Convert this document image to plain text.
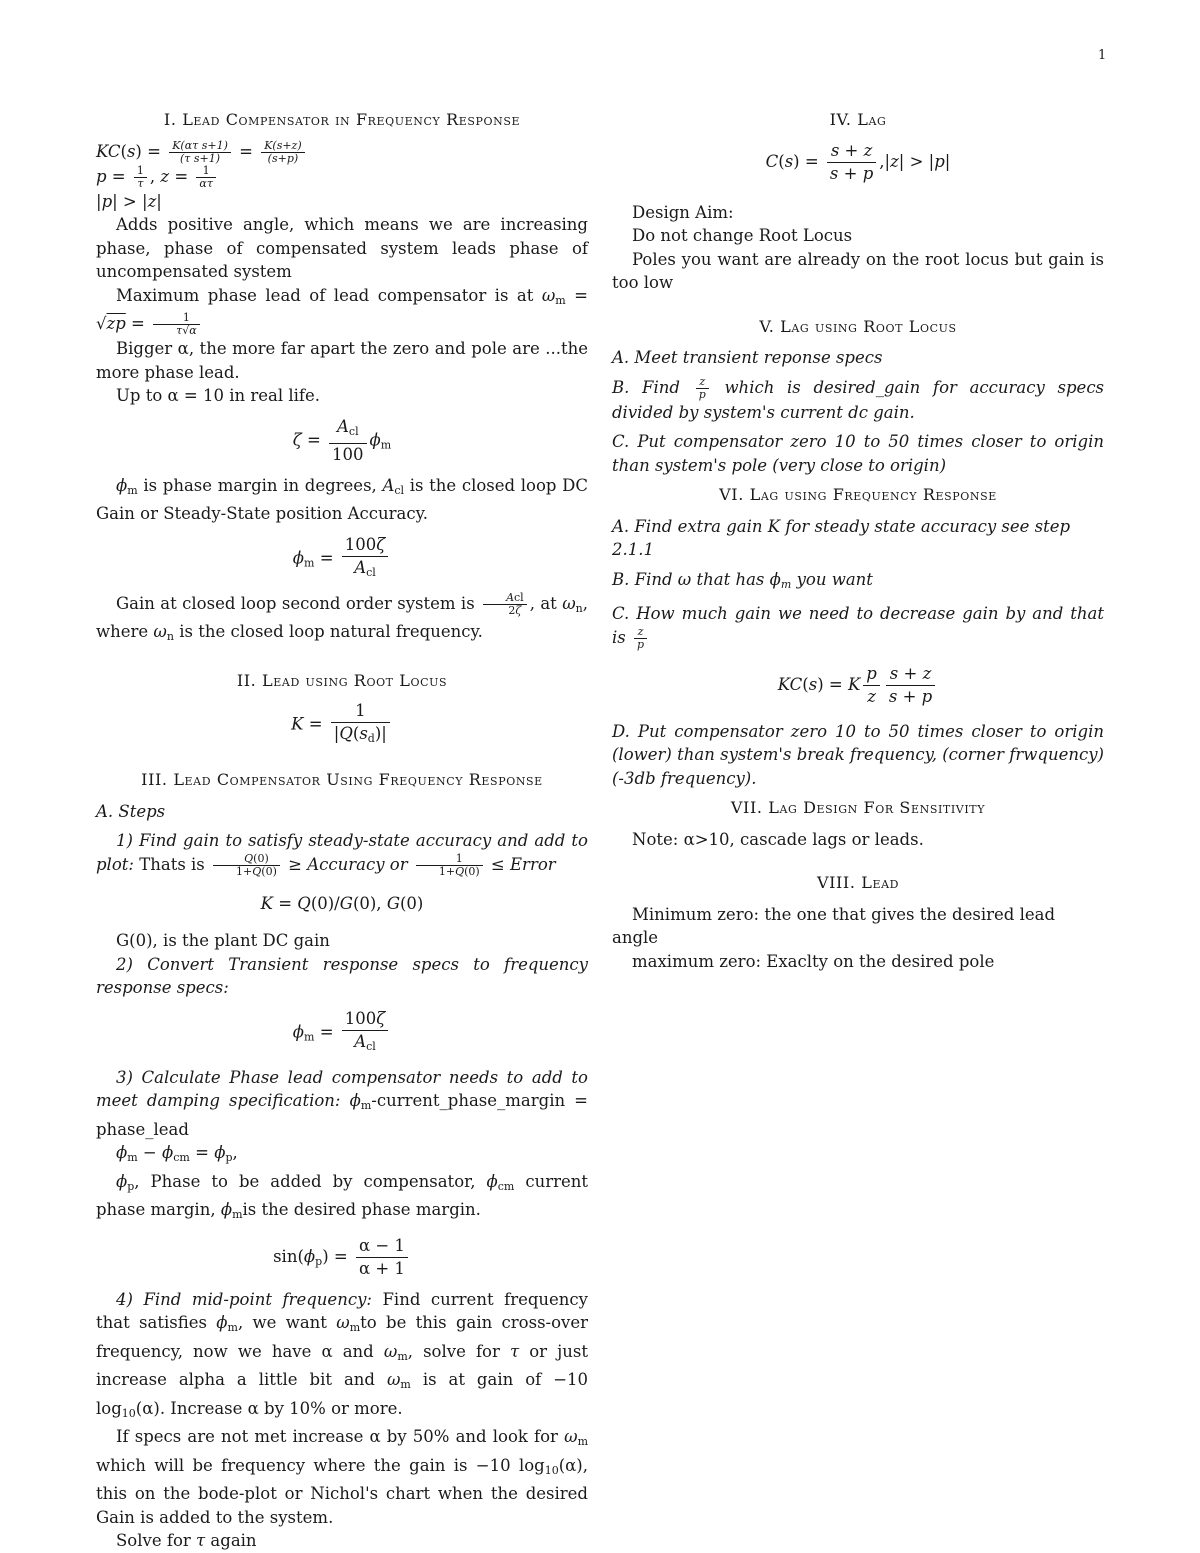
1
I. Lead Compensator in Frequency Response
$KC(s) = \frac{\text{K(ατ s+1)}}{\text{(τ s+1)}} = \frac{K(s+z)}{(s+p)}$
$p = \frac{1}{\tau}$ , $z = \frac{1}{\alpha\tau}$
|p| > |z|

Adds positive angle, which means we are increasing phase, phase of compensated system leads phase of uncompensated system

Maximum phase lead of lead compensator is at $\omega_m = √zp = \frac{1}{\tau√\alpha}$

Bigger α, the more far apart the zero and pole are ...the more phase lead.

Up to α = 10 in real life.

$\zeta = \frac{A_{cl}}{100} \phi_m$

$\phi_m$ is phase margin in degrees, $A_{cl}$ is the closed loop DC Gain or Steady-State position Accuracy.

$\phi_m = \frac{100\zeta}{A_{cl}}$

Gain at closed loop second order system is $\frac{\text{Acl}}{2\zeta}$ , at $\omega_n$, where $\omega_n$ is the closed loop natural frequency.

II. Lead using Root Locus
$K = \frac{1}{|Q(s_d)|}$
III. Lead Compensator Using Frequency Response

A. Steps

1) Find gain to satisfy steady-state accuracy and add to plot: Thats is $\frac{Q(0)}{1+Q(0)}$ ≥ Accuracy or $\frac{1}{1+Q(0)}$ ≤ Error

K = Q(0)/G(0), G(0)

G(0), is the plant DC gain

2) Convert Transient response specs to frequency response specs:

$\phi_m = \frac{100\zeta}{A_{cl}}$

3) Calculate Phase lead compensator needs to add to meet damping specification: $\phi_m-current\_phase\_margin$ = phase_lead

$\phi_m - \phi_{cm} = \phi_p$,

$\phi_p$, Phase to be added by compensator, $\phi_{cm}$ current phase margin, $\phi_mis$ the desired phase margin.

$\sin(\phi_p) = \frac{\alpha - 1}{\alpha + 1}$

4) Find mid-point frequency: Find current frequency that satisfies $\phi_m$, we want $\omega_mto$ be this gain cross-over frequency, now we have α and $\omega_m$, solve for τ or just increase alpha a little bit and $\omega_m$ is at gain of −10 $\log_{10}(\alpha)$. Increase α by 10% or more.

If specs are not met increase α by 50% and look for $\omega_m$ which will be frequency where the gain is −10 $\log_{10}(\alpha)$, this on the bode-plot or Nichol's chart when the desired Gain is added to the system.

Solve for τ again

IV. Lag
$C(s) = \frac{s + z}{s + p} ,|z| > |p|$

Design Aim:

Do not change Root Locus

Poles you want are already on the root locus but gain is too low

V. Lag using Root Locus

A. Meet transient reponse specs

B. Find $\frac{z}{p}$ which is desired_gain for accuracy specs divided by system's current dc gain.

C. Put compensator zero 10 to 50 times closer to origin than system's pole (very close to origin)

VI. Lag using Frequency Response

A. Find extra gain K for steady state accuracy see step 2.1.1

B. Find ω that has $\phi_m$ you want

C. How much gain we need to decrease gain by and that is $\frac{z}{p}$

KC(s) = K $\frac{p}{z} \frac{s + z}{s + p}$

D. Put compensator zero 10 to 50 times closer to origin (lower) than system's break frequency, (corner frwquency)(-3db frequency).

VII. Lag Design For Sensitivity

Note: α>10, cascade lags or leads.

VIII. Lead

Minimum zero: the one that gives the desired lead angle

maximum zero: Exaclty on the desired pole
